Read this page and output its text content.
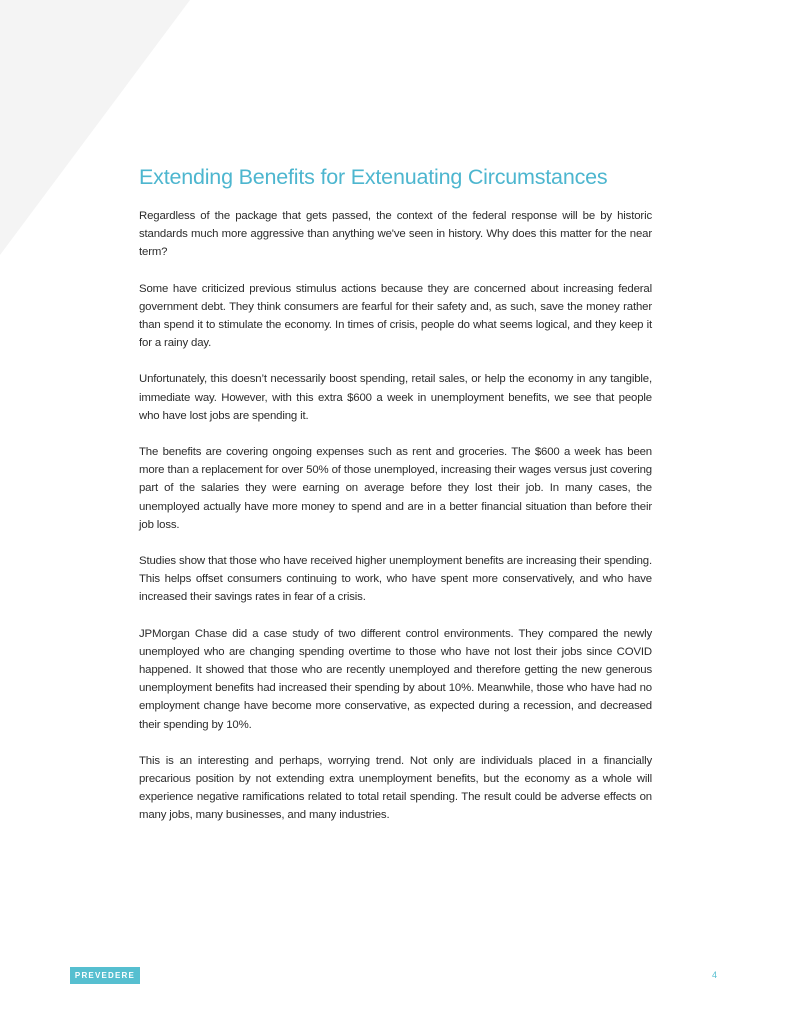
Extending Benefits for Extenuating Circumstances

Regardless of the package that gets passed, the context of the federal response will be by historic standards much more aggressive than anything we've seen in history. Why does this matter for the near term?

Some have criticized previous stimulus actions because they are concerned about increasing federal government debt. They think consumers are fearful for their safety and, as such, save the money rather than spend it to stimulate the economy. In times of crisis, people do what seems logical, and they keep it for a rainy day.

Unfortunately, this doesn’t necessarily boost spending, retail sales, or help the economy in any tangible, immediate way. However, with this extra $600 a week in unemployment benefits, we see that people who have lost jobs are spending it.

The benefits are covering ongoing expenses such as rent and groceries. The $600 a week has been more than a replacement for over 50% of those unemployed, increasing their wages versus just covering part of the salaries they were earning on average before they lost their job. In many cases, the unemployed actually have more money to spend and are in a better financial situation than before their job loss.

Studies show that those who have received higher unemployment benefits are increasing their spending. This helps offset consumers continuing to work, who have spent more conservatively, and who have increased their savings rates in fear of a crisis.

JPMorgan Chase did a case study of two different control environments. They compared the newly unemployed who are changing spending overtime to those who have not lost their jobs since COVID happened. It showed that those who are recently unemployed and therefore getting the new generous unemployment benefits had increased their spending by about 10%. Meanwhile, those who have had no employment change have become more conservative, as expected during a recession, and decreased their spending by 10%.

This is an interesting and perhaps, worrying trend. Not only are individuals placed in a financially precarious position by not extending extra unemployment benefits, but the economy as a whole will experience negative ramifications related to total retail spending. The result could be adverse effects on many jobs, many businesses, and many industries.

PREVEDERE	4
